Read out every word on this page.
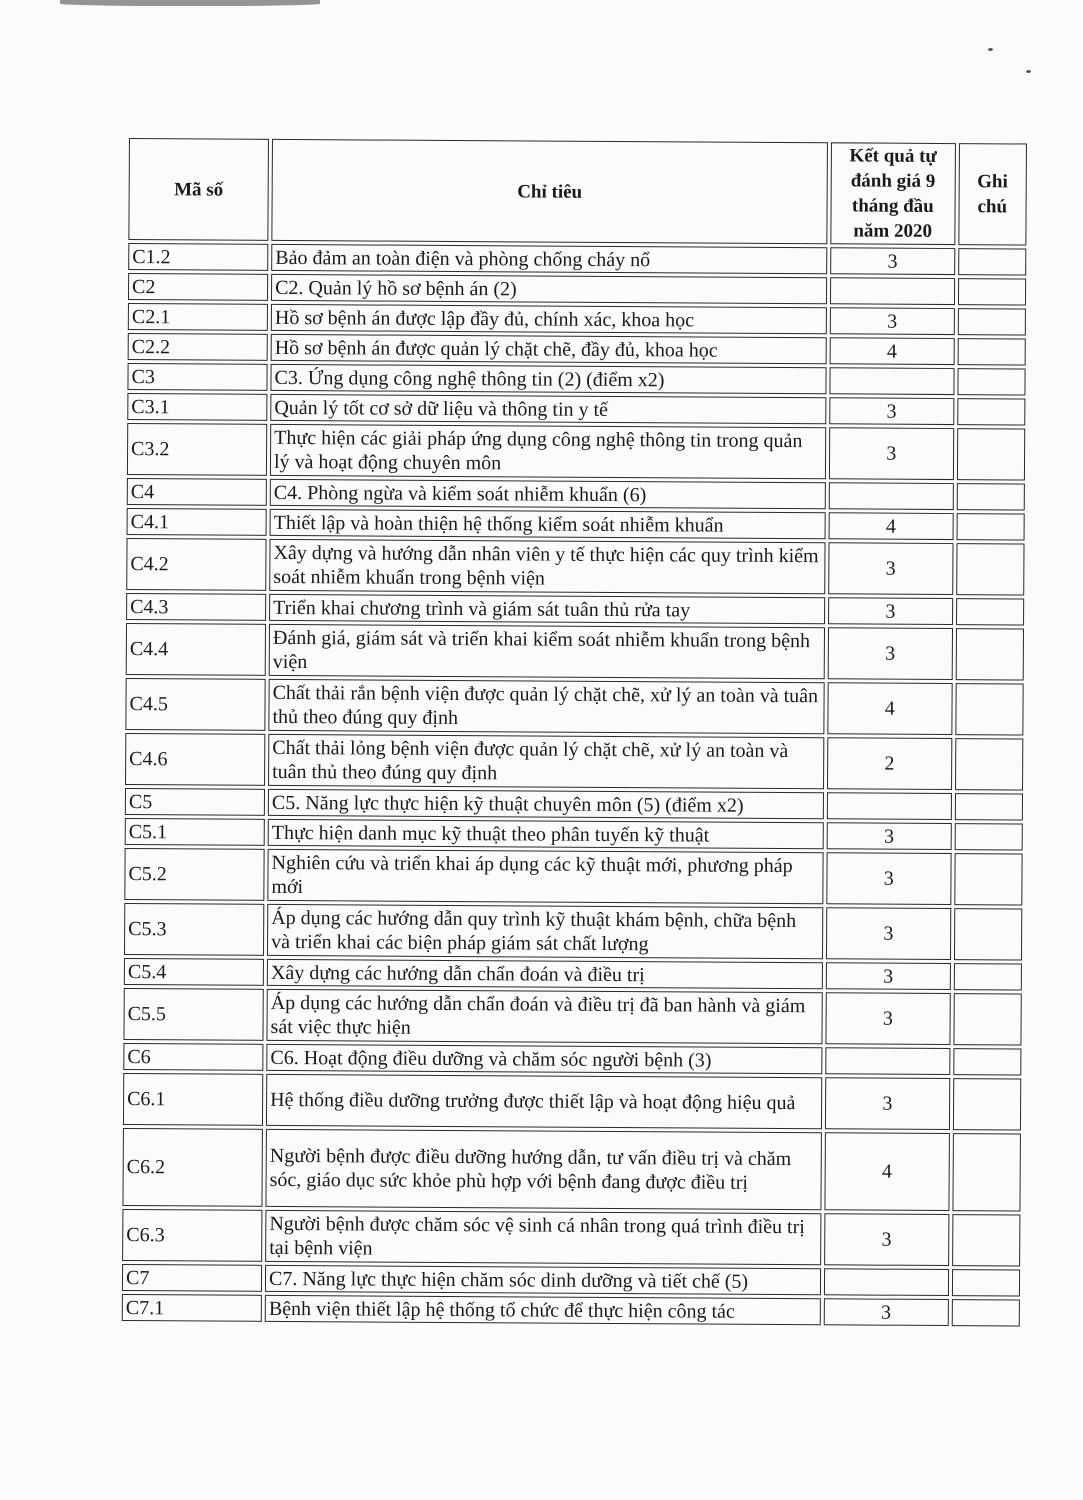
Mã số	Chỉ tiêu	Kết quả tự đánh giá 9 tháng đầu năm 2020	Ghi chú
C1.2	Bảo đảm an toàn điện và phòng chống cháy nổ	3	
C2	C2. Quản lý hồ sơ bệnh án (2)		
C2.1	Hồ sơ bệnh án được lập đầy đủ, chính xác, khoa học	3	
C2.2	Hồ sơ bệnh án được quản lý chặt chẽ, đầy đủ, khoa học	4	
C3	C3. Ứng dụng công nghệ thông tin (2) (điểm x2)		
C3.1	Quản lý tốt cơ sở dữ liệu và thông tin y tế	3	
C3.2	Thực hiện các giải pháp ứng dụng công nghệ thông tin trong quản lý và hoạt động chuyên môn	3	
C4	C4. Phòng ngừa và kiểm soát nhiễm khuẩn (6)		
C4.1	Thiết lập và hoàn thiện hệ thống kiểm soát nhiễm khuẩn	4	
C4.2	Xây dựng và hướng dẫn nhân viên y tế thực hiện các quy trình kiểm soát nhiễm khuẩn trong bệnh viện	3	
C4.3	Triển khai chương trình và giám sát tuân thủ rửa tay	3	
C4.4	Đánh giá, giám sát và triển khai kiểm soát nhiễm khuẩn trong bệnh viện	3	
C4.5	Chất thải rắn bệnh viện được quản lý chặt chẽ, xử lý an toàn và tuân thủ theo đúng quy định	4	
C4.6	Chất thải lỏng bệnh viện được quản lý chặt chẽ, xử lý an toàn và tuân thủ theo đúng quy định	2	
C5	C5. Năng lực thực hiện kỹ thuật chuyên môn (5) (điểm x2)		
C5.1	Thực hiện danh mục kỹ thuật theo phân tuyến kỹ thuật	3	
C5.2	Nghiên cứu và triển khai áp dụng các kỹ thuật mới, phương pháp mới	3	
C5.3	Áp dụng các hướng dẫn quy trình kỹ thuật khám bệnh, chữa bệnh và triển khai các biện pháp giám sát chất lượng	3	
C5.4	Xây dựng các hướng dẫn chẩn đoán và điều trị	3	
C5.5	Áp dụng các hướng dẫn chẩn đoán và điều trị đã ban hành và giám sát việc thực hiện	3	
C6	C6. Hoạt động điều dưỡng và chăm sóc người bệnh (3)		
C6.1	Hệ thống điều dưỡng trưởng được thiết lập và hoạt động hiệu quả	3	
C6.2	Người bệnh được điều dưỡng hướng dẫn, tư vấn điều trị và chăm sóc, giáo dục sức khỏe phù hợp với bệnh đang được điều trị	4	
C6.3	Người bệnh được chăm sóc vệ sinh cá nhân trong quá trình điều trị tại bệnh viện	3	
C7	C7. Năng lực thực hiện chăm sóc dinh dưỡng và tiết chế (5)		
C7.1	Bệnh viện thiết lập hệ thống tổ chức để thực hiện công tác	3	
